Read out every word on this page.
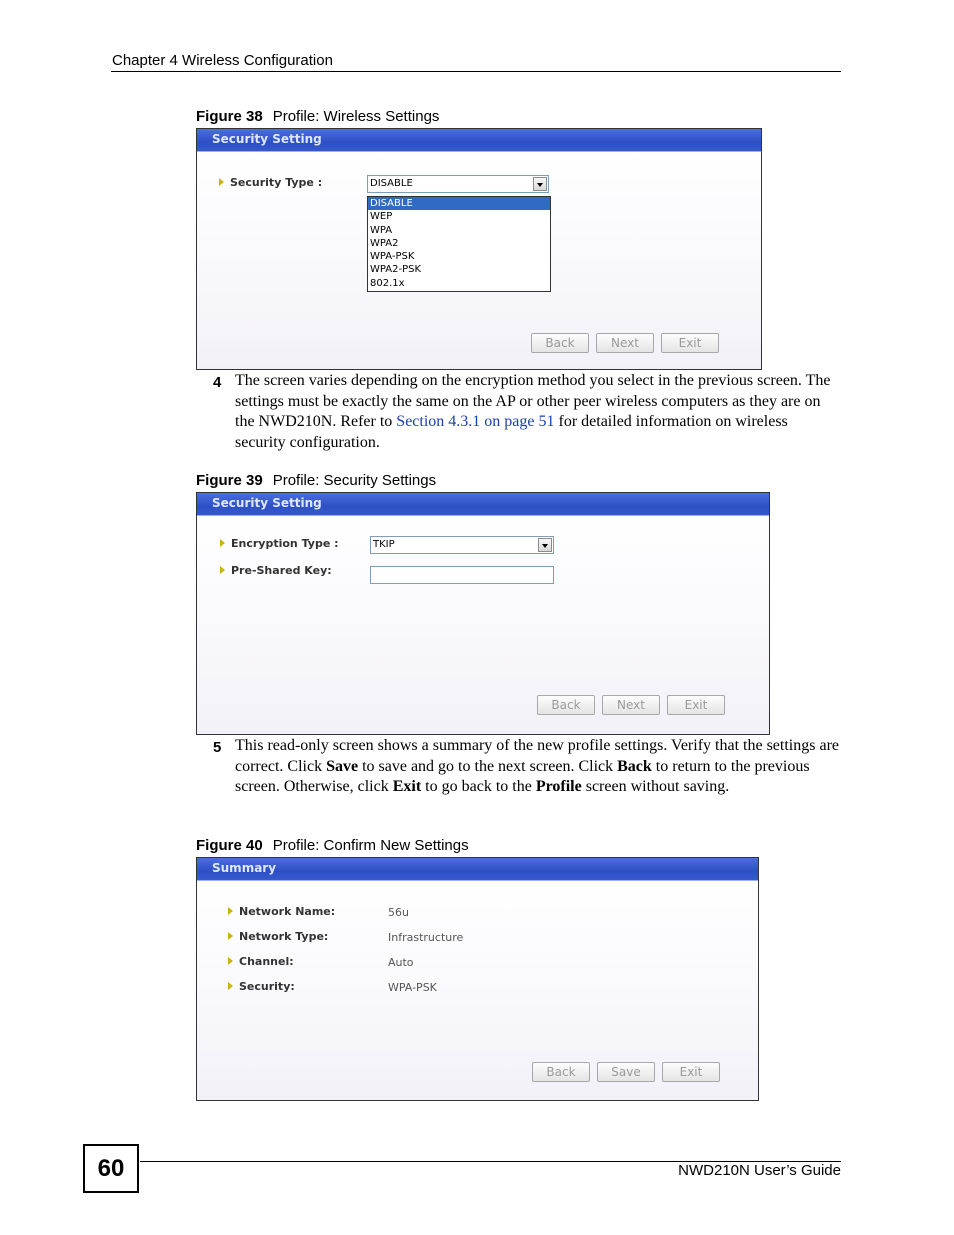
Chapter 4 Wireless Configuration
Figure 38 Profile: Wireless Settings
Security Setting
Security Type :	DISABLE
DISABLE
WEP
WPA
WPA2
WPA-PSK
WPA2-PSK
802.1x
Back	Next	Exit
4 The screen varies depending on the encryption method you select in the previous screen. The settings must be exactly the same on the AP or other peer wireless computers as they are on the NWD210N. Refer to Section 4.3.1 on page 51 for detailed information on wireless security configuration.
Figure 39 Profile: Security Settings
Security Setting
Encryption Type :	TKIP
Pre-Shared Key:
Back	Next	Exit
5 This read-only screen shows a summary of the new profile settings. Verify that the settings are correct. Click Save to save and go to the next screen. Click Back to return to the previous screen. Otherwise, click Exit to go back to the Profile screen without saving.
Figure 40 Profile: Confirm New Settings
Summary
Network Name:	56u
Network Type:	Infrastructure
Channel:	Auto
Security:	WPA-PSK
Back	Save	Exit
60	NWD210N User’s Guide
